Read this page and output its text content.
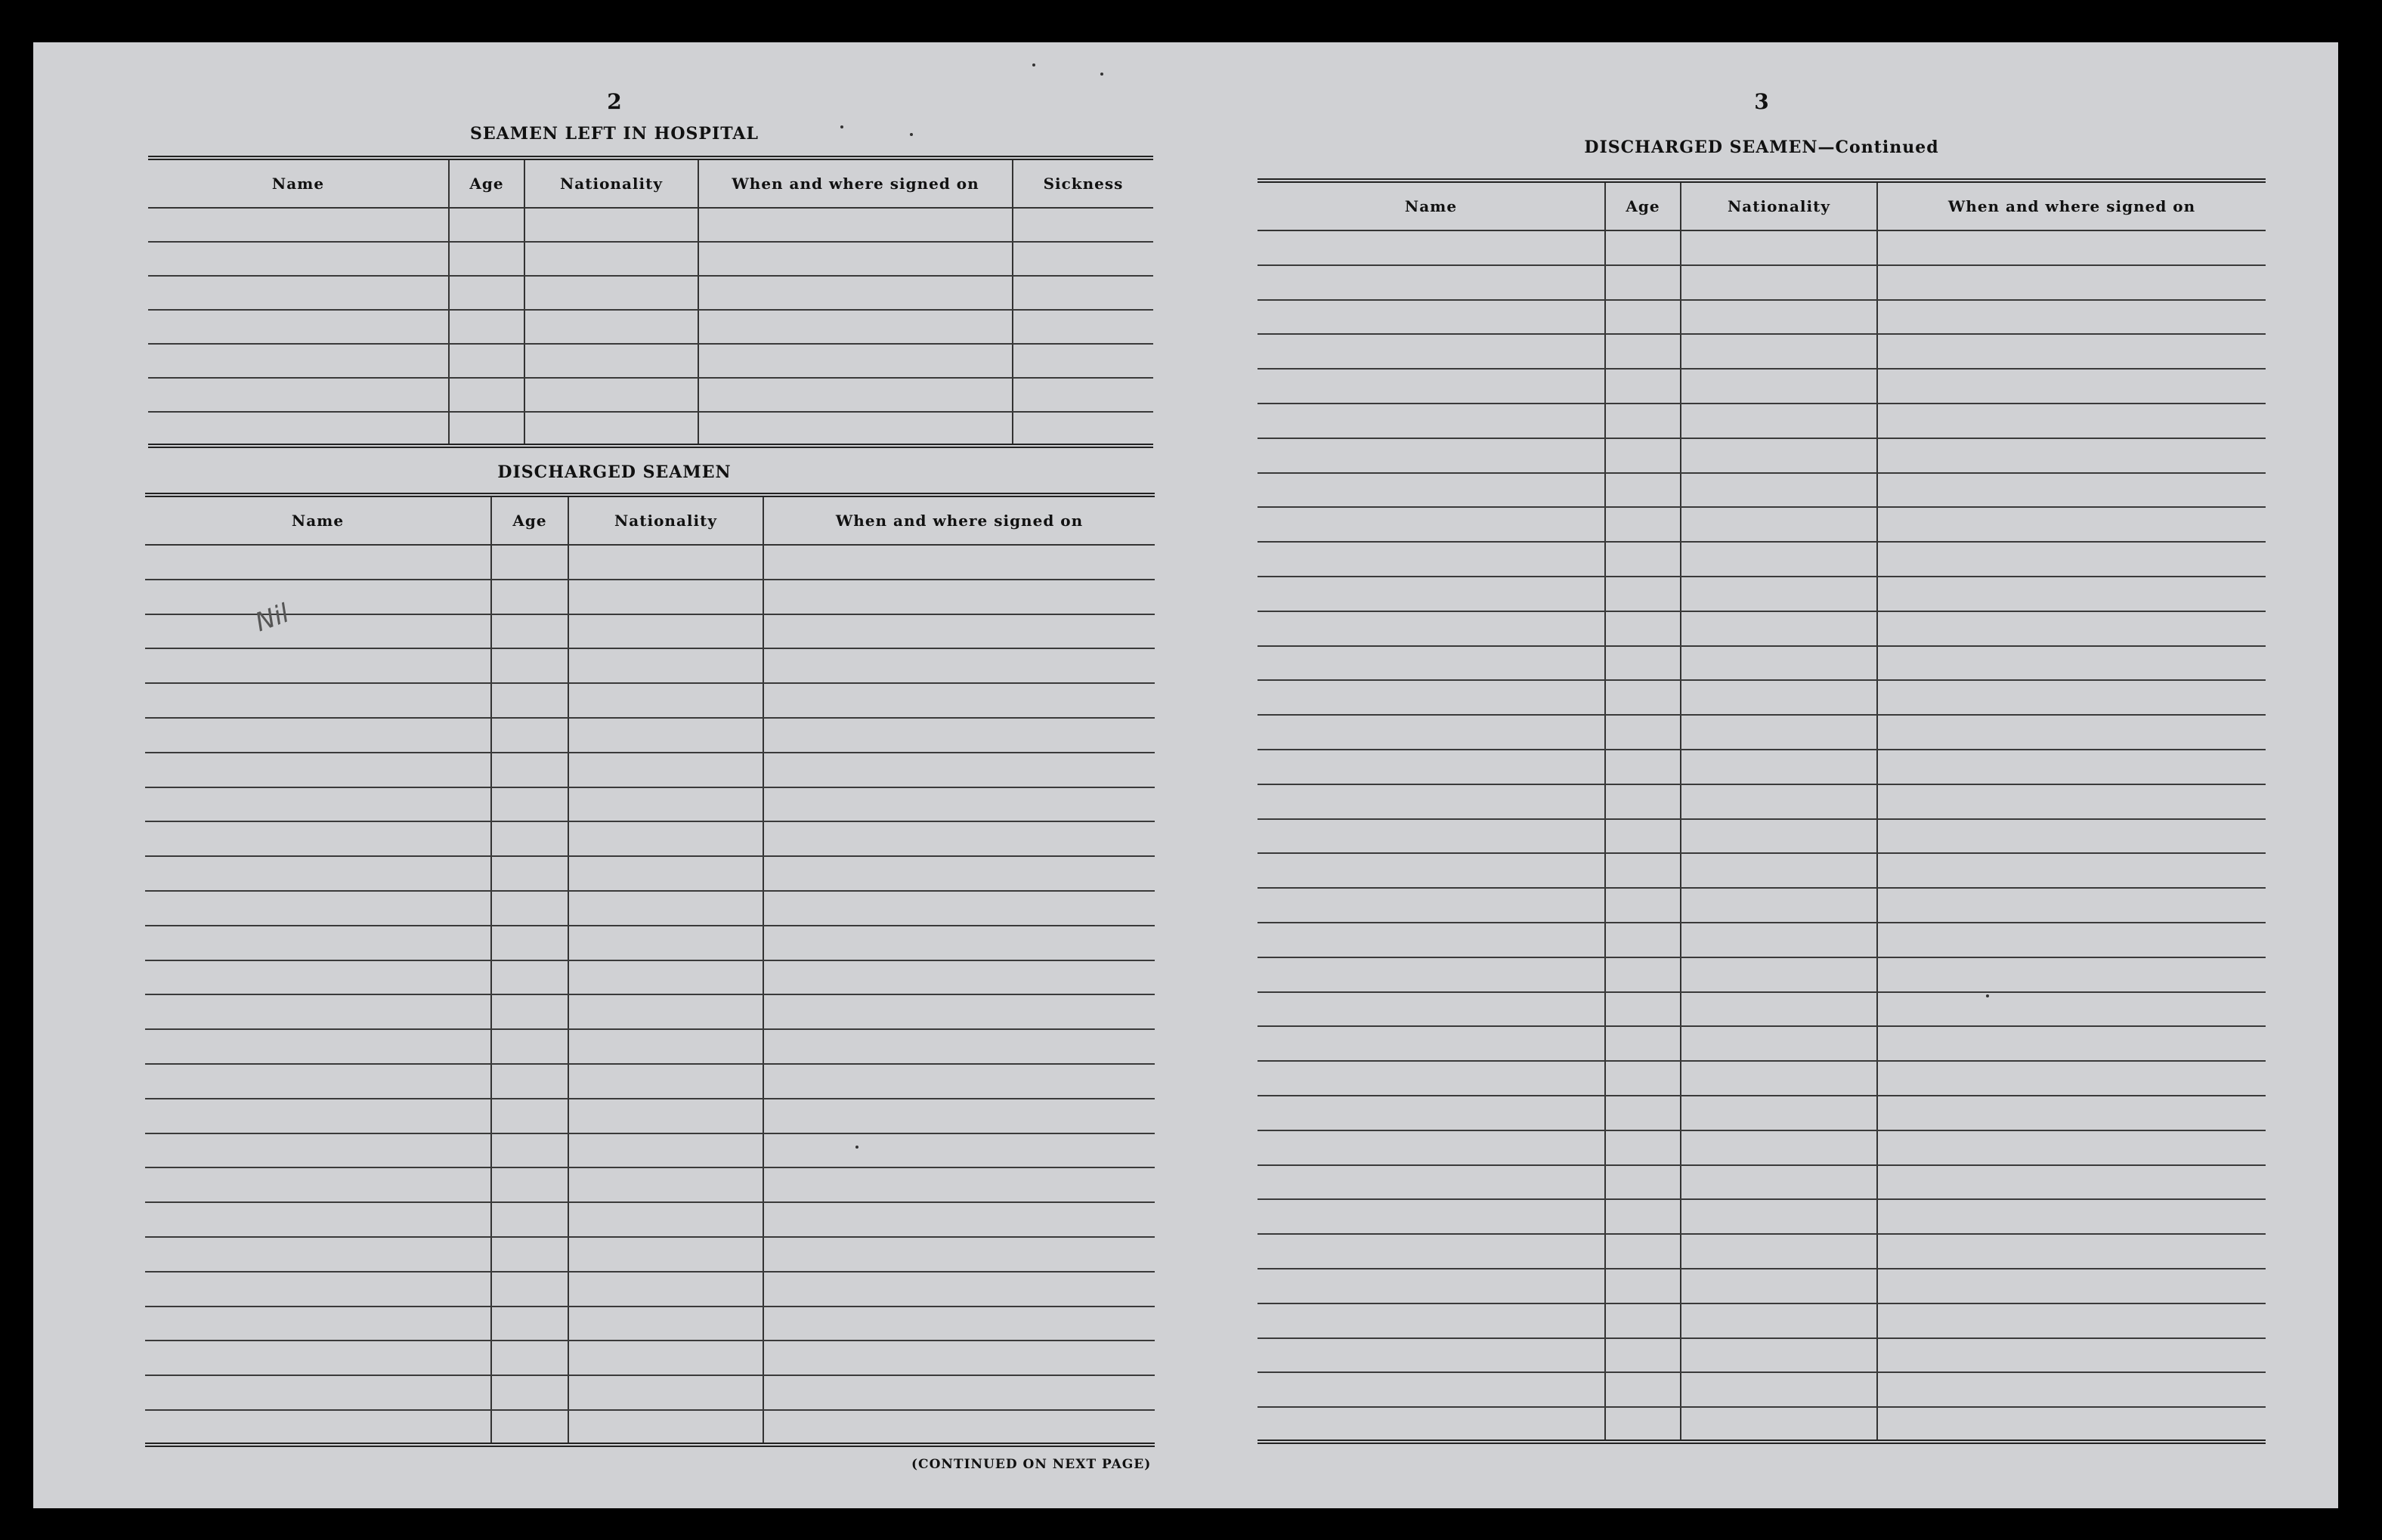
2
SEAMEN LEFT IN HOSPITAL
Name	Age	Nationality	When and where signed on	Sickness

DISCHARGED SEAMEN
Name	Age	Nationality	When and where signed on

Nil
(CONTINUED ON NEXT PAGE)
3
DISCHARGED SEAMEN—Continued
Name	Age	Nationality	When and where signed on
